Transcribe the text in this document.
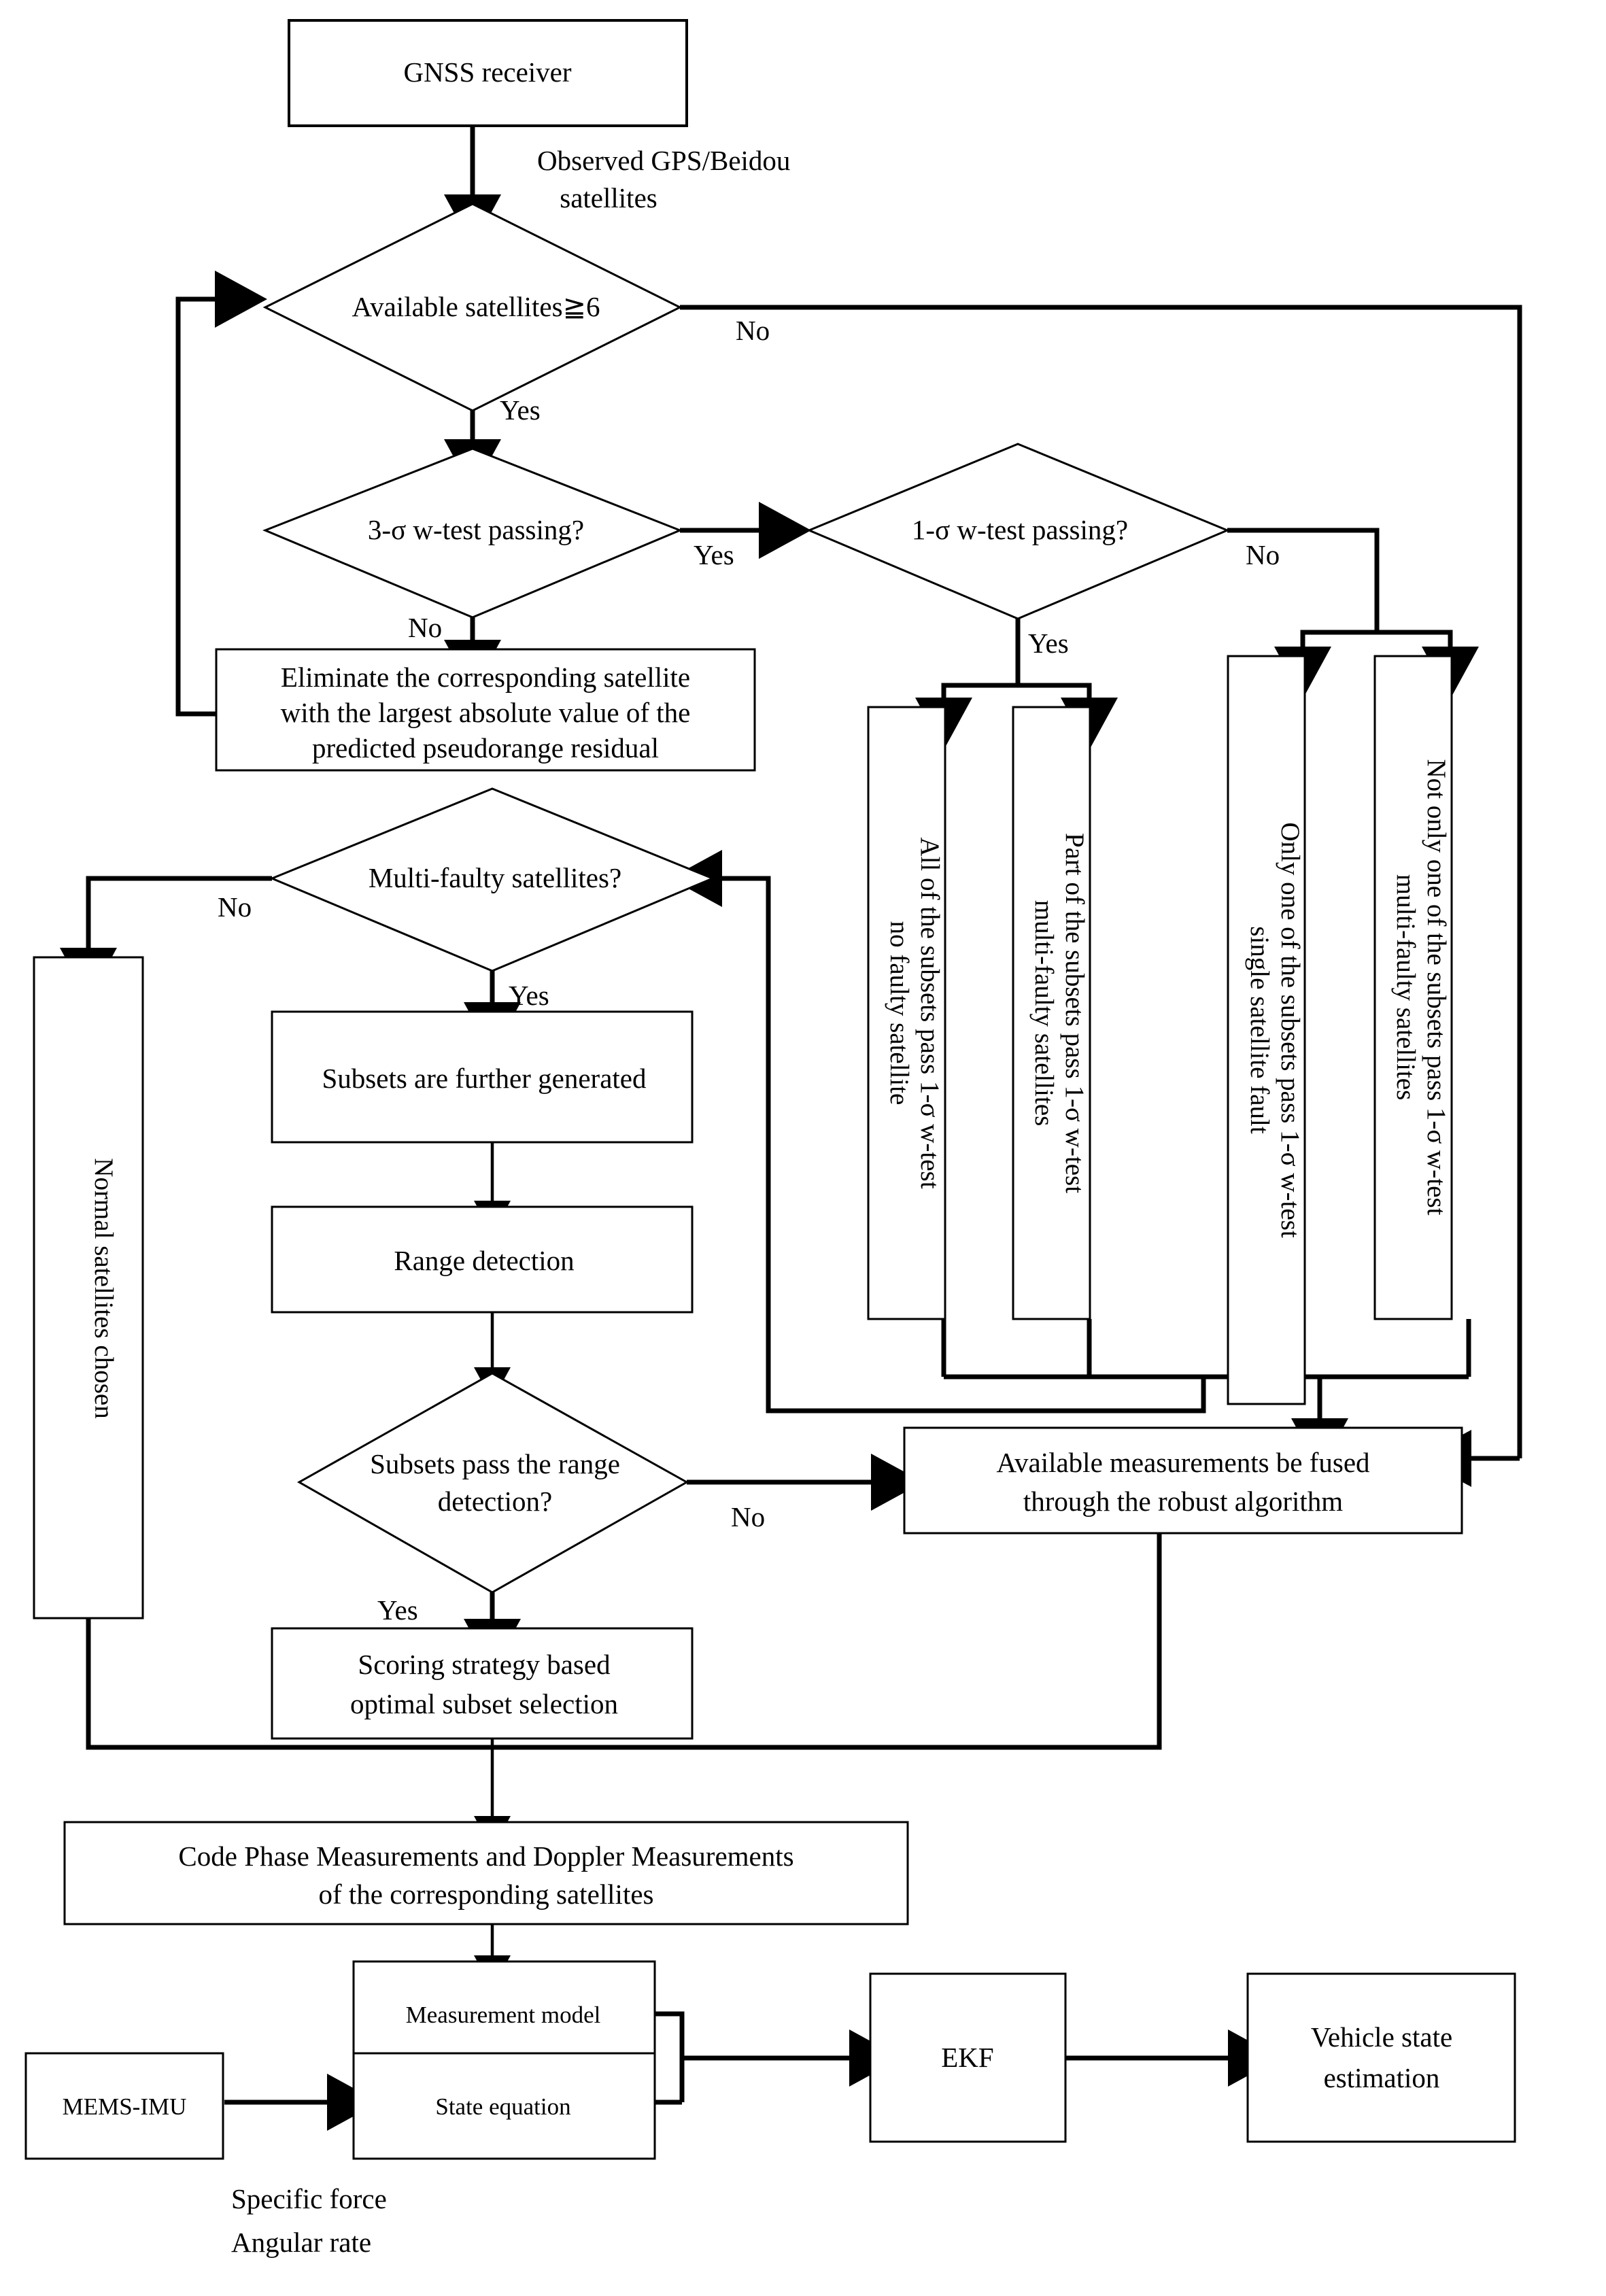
GNSS receiver
Available satellites≧6
3-σ w-test passing?	1-σ w-test passing?
Eliminate the corresponding satellite
with the largest absolute value of the
predicted pseudorange residual
All of the subsets pass 1-σ w-test
no faulty satellite	Part of the subsets pass 1-σ w-test
multi-faulty satellites	Only one of the subsets pass 1-σ w-test
single satellite fault	Not only one of the subsets pass 1-σ w-test
multi-faulty satellites
Multi-faulty satellites?
Normal satellites chosen
Subsets are further generated
Range detection
Subsets pass the range
detection?
Scoring strategy based
optimal subset selection
Available measurements be fused
through the robust algorithm
Code Phase Measurements and Doppler Measurements
of the corresponding satellites
Measurement model
State equation
MEMS-IMU
EKF
Vehicle state
estimation
Observed GPS/Beidou
satellites
No
Yes
No
Yes	No
Yes
No
Yes
No
Yes
Specific force
Angular rate
